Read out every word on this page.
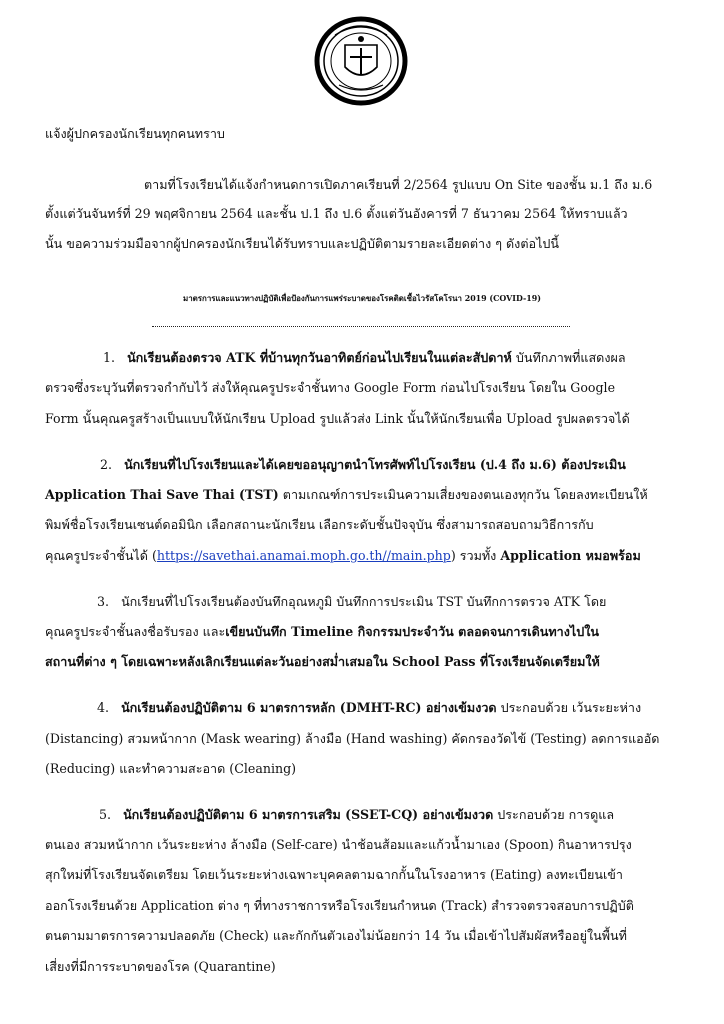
แจ้งผู้ปกครองนักเรียนทุกคนทราบ
ตามที่โรงเรียนได้แจ้งกำหนดการเปิดภาคเรียนที่ 2/2564 รูปแบบ On Site ของชั้น ม.1 ถึง ม.6
ตั้งแต่วันจันทร์ที่ 29 พฤศจิกายน 2564 และชั้น ป.1 ถึง ป.6 ตั้งแต่วันอังคารที่ 7 ธันวาคม 2564 ให้ทราบแล้ว
นั้น ขอความร่วมมือจากผู้ปกครองนักเรียนได้รับทราบและปฏิบัติตามรายละเอียดต่าง ๆ ดังต่อไปนี้
มาตรการและแนวทางปฏิบัติเพื่อป้องกันการแพร่ระบาดของโรคติดเชื้อไวรัสโคโรนา 2019 (COVID-19)
1. นักเรียนต้องตรวจ ATK ที่บ้านทุกวันอาทิตย์ก่อนไปเรียนในแต่ละสัปดาห์ บันทึกภาพที่แสดงผล
ตรวจซึ่งระบุวันที่ตรวจกำกับไว้ ส่งให้คุณครูประจำชั้นทาง Google Form ก่อนไปโรงเรียน โดยใน Google
Form นั้นคุณครูสร้างเป็นแบบให้นักเรียน Upload รูปแล้วส่ง Link นั้นให้นักเรียนเพื่อ Upload รูปผลตรวจได้
2. นักเรียนที่ไปโรงเรียนและได้เคยขออนุญาตนำโทรศัพท์ไปโรงเรียน (ป.4 ถึง ม.6) ต้องประเมิน
Application Thai Save Thai (TST) ตามเกณฑ์การประเมินความเสี่ยงของตนเองทุกวัน โดยลงทะเบียนให้
พิมพ์ชื่อโรงเรียนเซนต์ดอมินิก เลือกสถานะนักเรียน เลือกระดับชั้นปัจจุบัน ซึ่งสามารถสอบถามวิธีการกับ
คุณครูประจำชั้นได้ (https://savethai.anamai.moph.go.th//main.php) รวมทั้ง Application หมอพร้อม
3. นักเรียนที่ไปโรงเรียนต้องบันทึกอุณหภูมิ บันทึกการประเมิน TST บันทึกการตรวจ ATK โดย
คุณครูประจำชั้นลงชื่อรับรอง และเขียนบันทึก Timeline กิจกรรมประจำวัน ตลอดจนการเดินทางไปใน
สถานที่ต่าง ๆ โดยเฉพาะหลังเลิกเรียนแต่ละวันอย่างสม่ำเสมอใน School Pass ที่โรงเรียนจัดเตรียมให้
4. นักเรียนต้องปฏิบัติตาม 6 มาตรการหลัก (DMHT-RC) อย่างเข้มงวด ประกอบด้วย เว้นระยะห่าง
(Distancing) สวมหน้ากาก (Mask wearing) ล้างมือ (Hand washing) คัดกรองวัดไข้ (Testing) ลดการแออัด
(Reducing) และทำความสะอาด (Cleaning)
5. นักเรียนต้องปฏิบัติตาม 6 มาตรการเสริม (SSET-CQ) อย่างเข้มงวด ประกอบด้วย การดูแล
ตนเอง สวมหน้ากาก เว้นระยะห่าง ล้างมือ (Self-care) นำช้อนส้อมและแก้วน้ำมาเอง (Spoon) กินอาหารปรุง
สุกใหม่ที่โรงเรียนจัดเตรียม โดยเว้นระยะห่างเฉพาะบุคคลตามฉากกั้นในโรงอาหาร (Eating) ลงทะเบียนเข้า
ออกโรงเรียนด้วย Application ต่าง ๆ ที่ทางราชการหรือโรงเรียนกำหนด (Track) สำรวจตรวจสอบการปฏิบัติ
ตนตามมาตรการความปลอดภัย (Check) และกักกันตัวเองไม่น้อยกว่า 14 วัน เมื่อเข้าไปสัมผัสหรืออยู่ในพื้นที่
เสี่ยงที่มีการระบาดของโรค (Quarantine)
